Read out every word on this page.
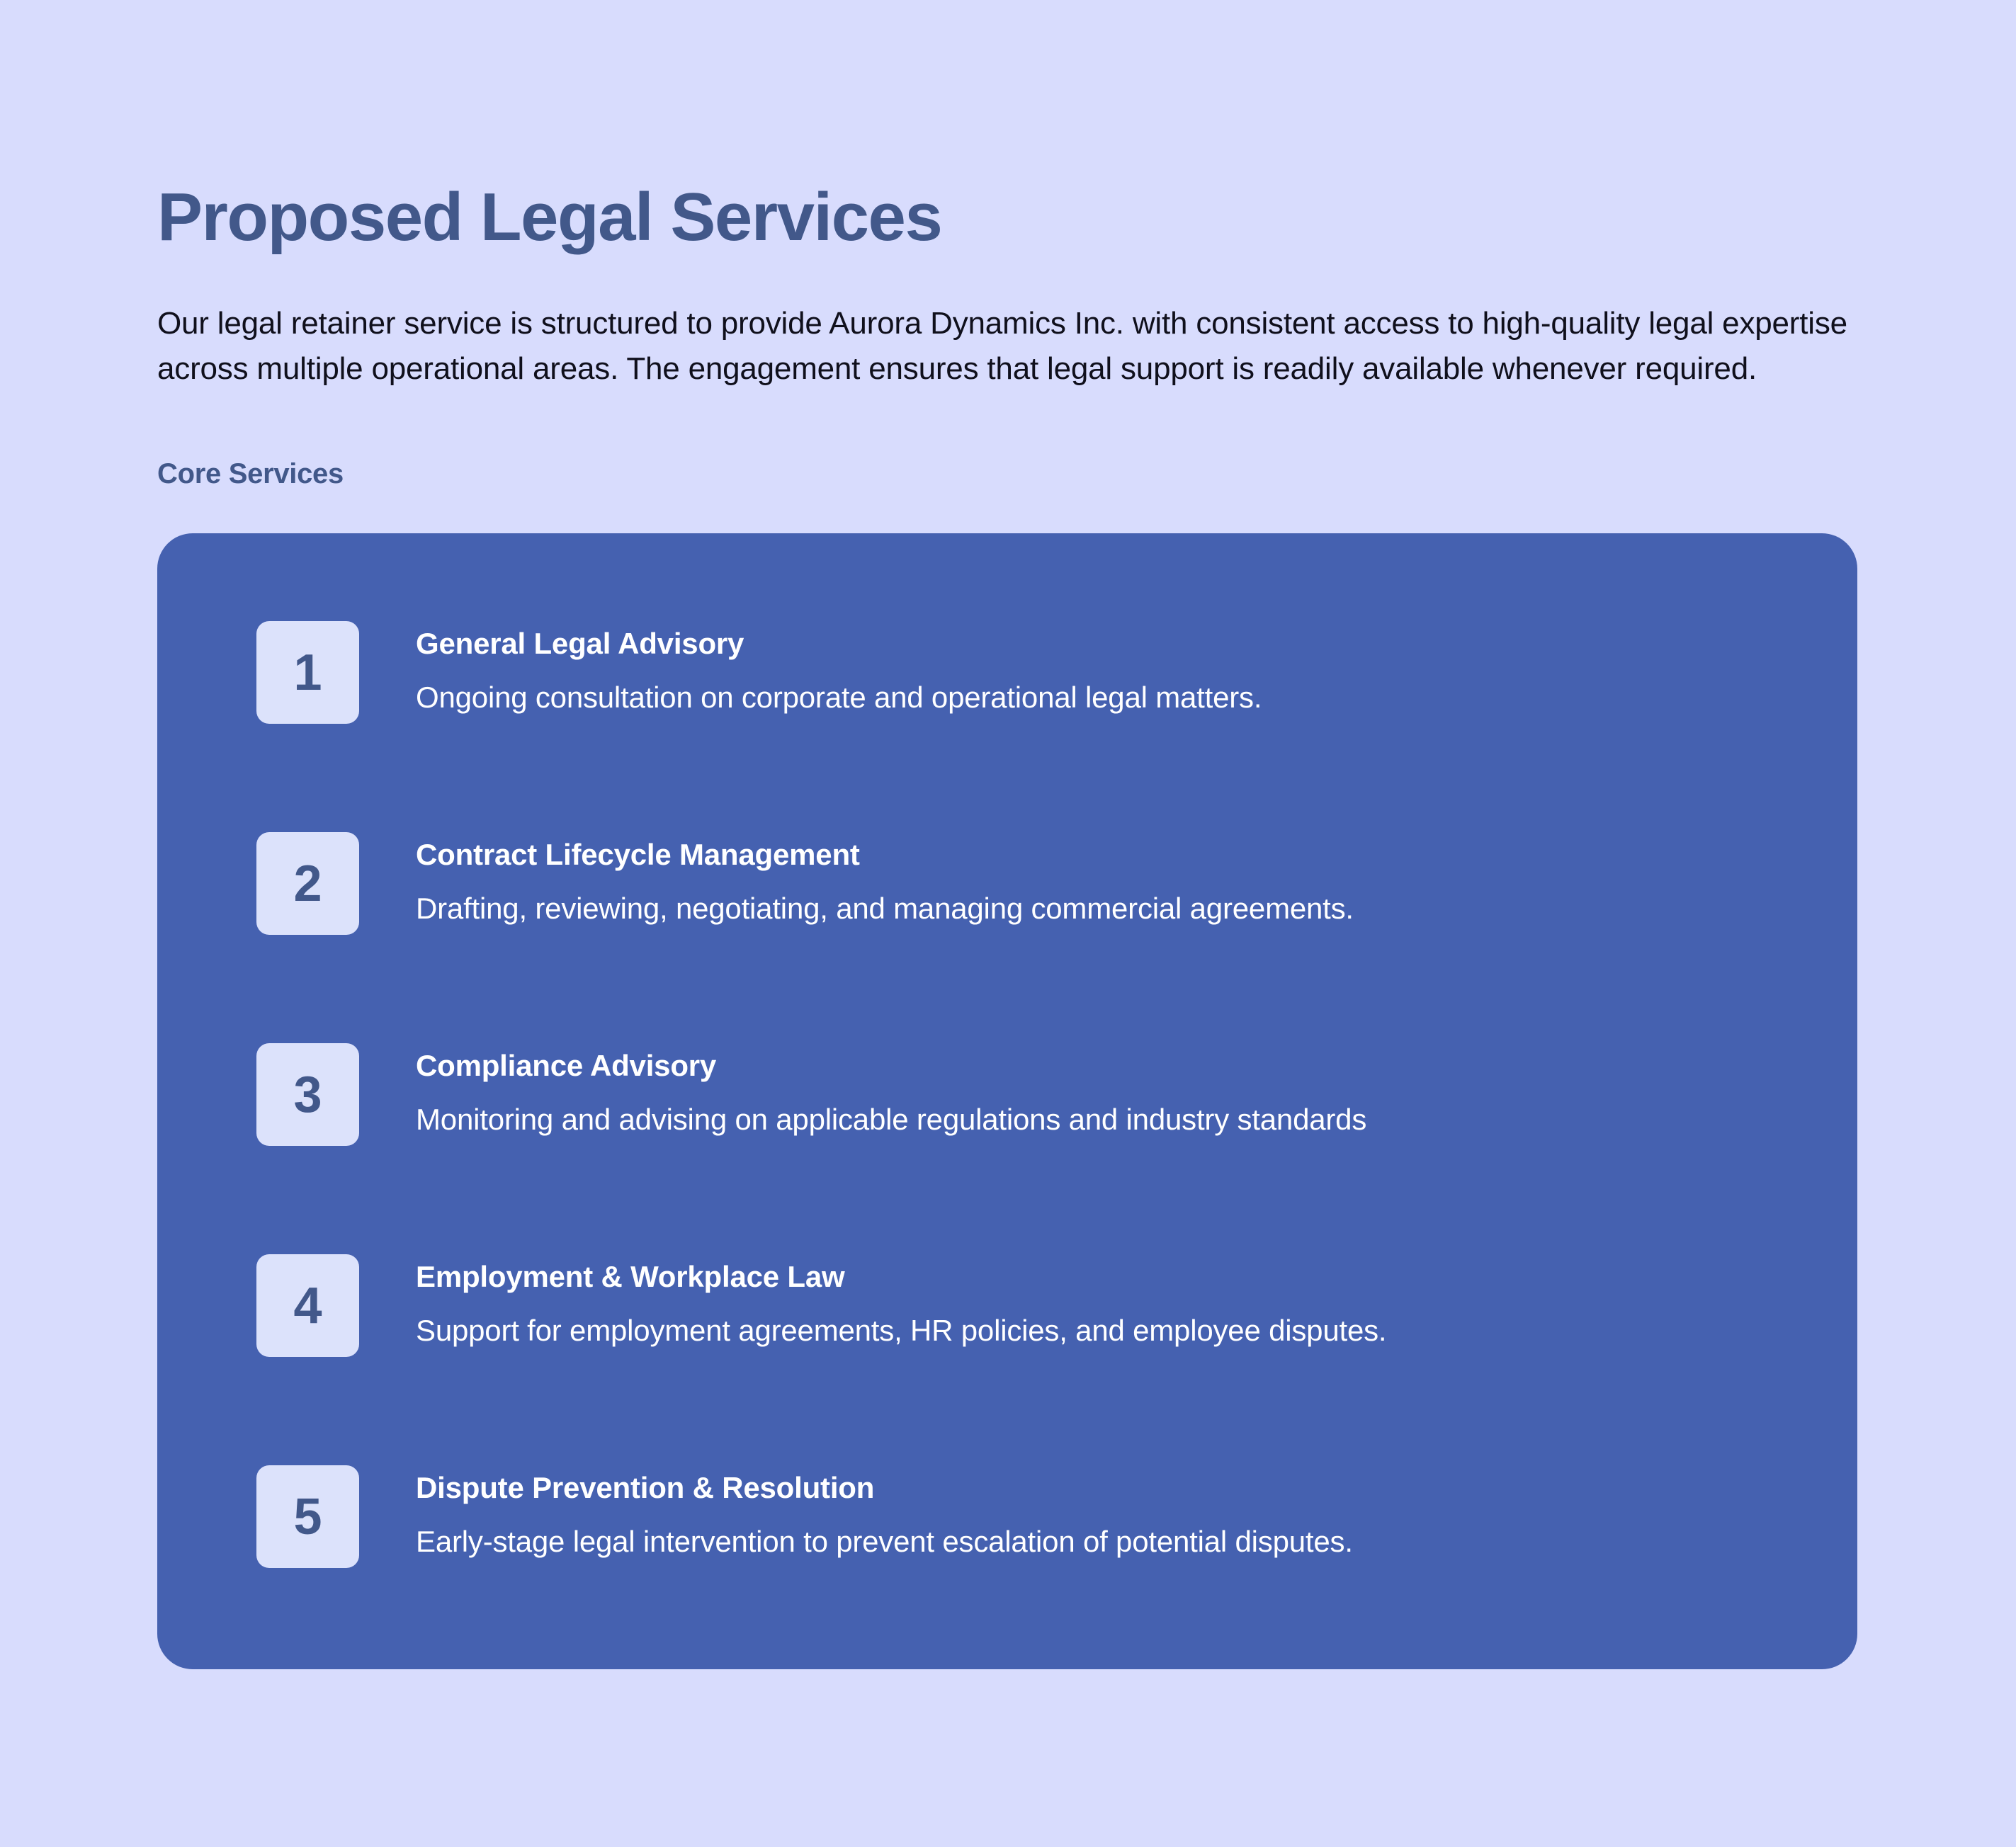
Proposed Legal Services

Our legal retainer service is structured to provide Aurora Dynamics Inc. with consistent access to high-quality legal expertise across multiple operational areas. The engagement ensures that legal support is readily available whenever required.

Core Services
1
General Legal Advisory

Ongoing consultation on corporate and operational legal matters.

2
Contract Lifecycle Management

Drafting, reviewing, negotiating, and managing commercial agreements.

3
Compliance Advisory

Monitoring and advising on applicable regulations and industry standards

4
Employment & Workplace Law

Support for employment agreements, HR policies, and employee disputes.

5
Dispute Prevention & Resolution

Early-stage legal intervention to prevent escalation of potential disputes.
